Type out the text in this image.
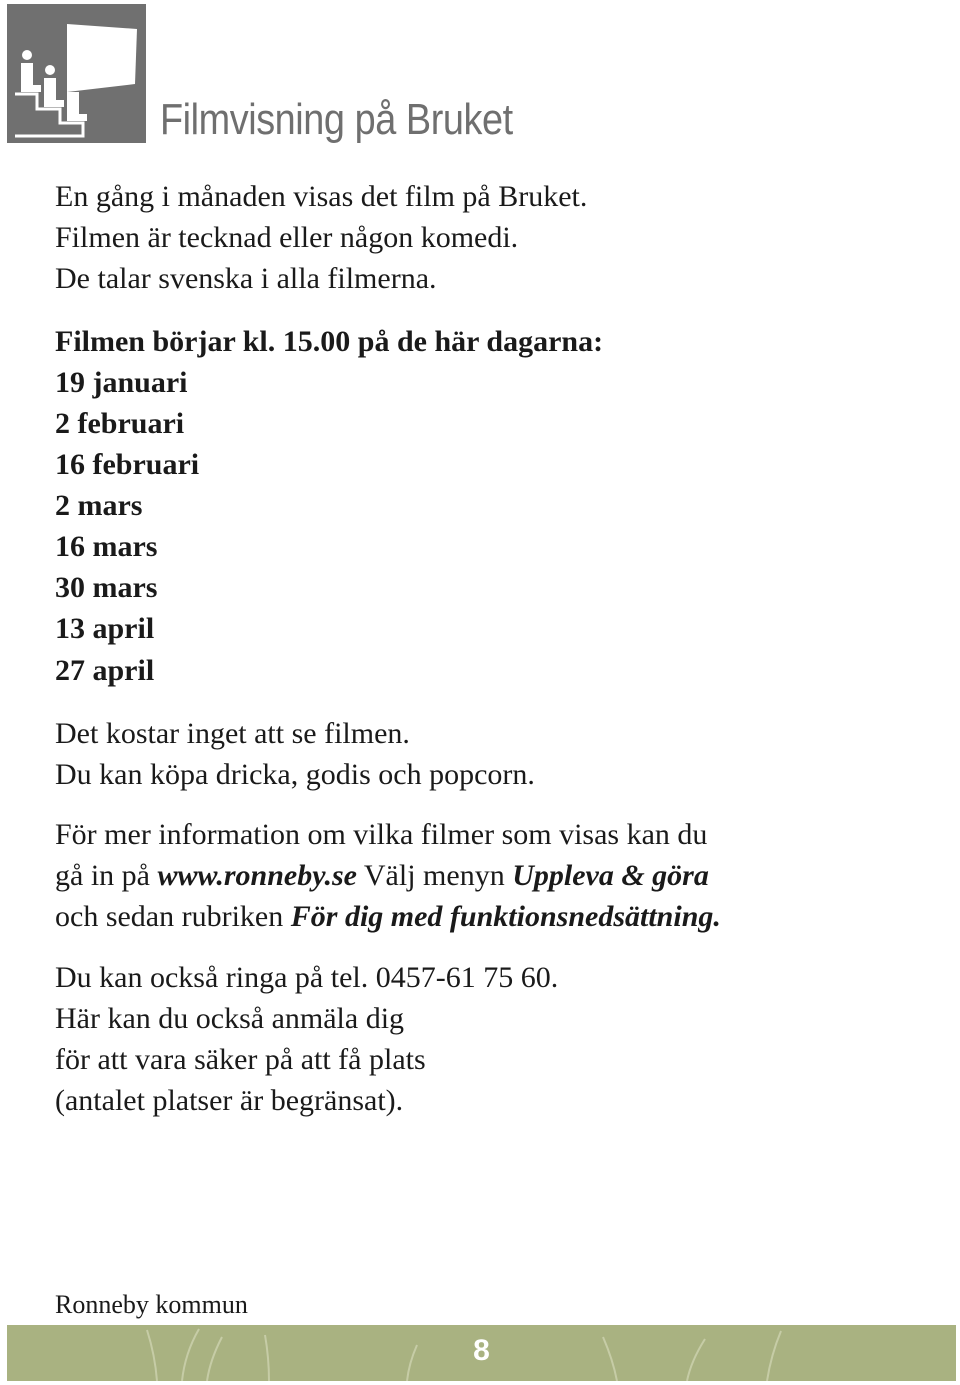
Filmvisning på Bruket
En gång i månaden visas det film på Bruket.
Filmen är tecknad eller någon komedi.
De talar svenska i alla filmerna.
Filmen börjar kl. 15.00 på de här dagarna:
19 januari
2 februari
16 februari
2 mars
16 mars
30 mars
13 april
27 april
Det kostar inget att se filmen.
Du kan köpa dricka, godis och popcorn.
För mer information om vilka filmer som visas kan du
gå in på www.ronneby.se Välj menyn Uppleva & göra
och sedan rubriken För dig med funktionsnedsättning.
Du kan också ringa på tel. 0457-61 75 60.
Här kan du också anmäla dig
för att vara säker på att få plats
(antalet platser är begränsat).
Ronneby kommun
8
